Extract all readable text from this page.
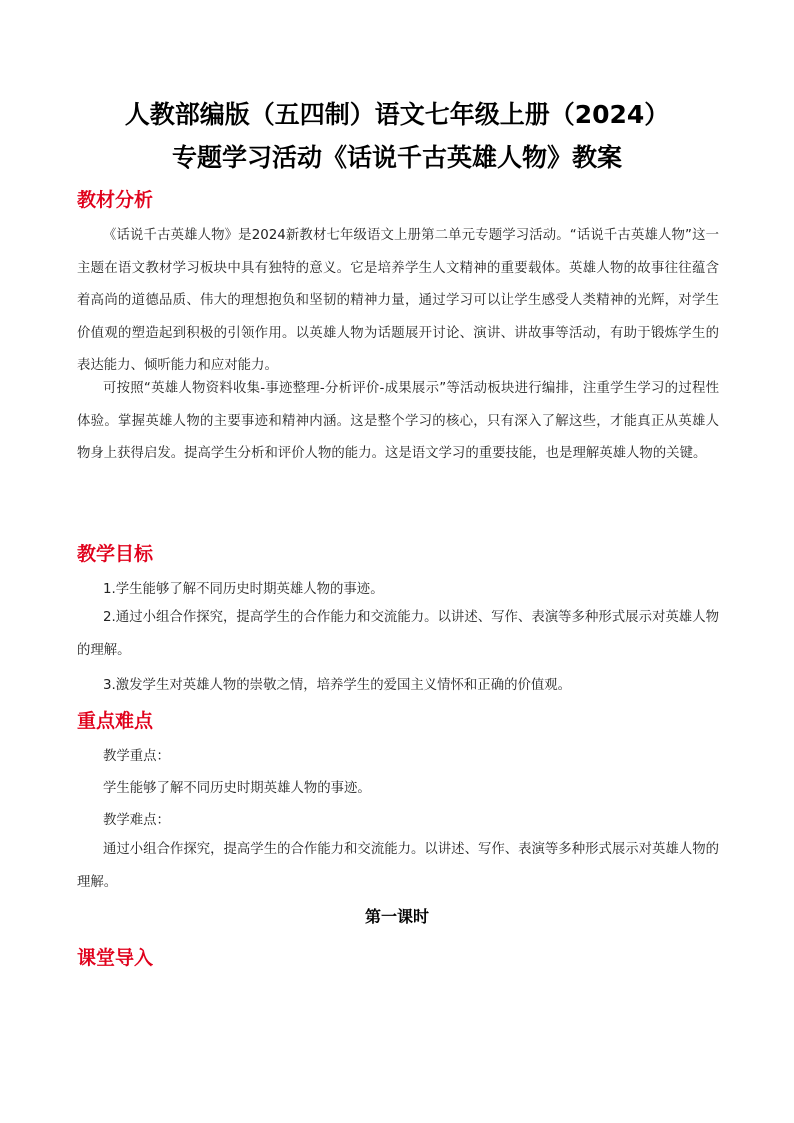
人教部编版（五四制）语文七年级上册（2024）
专题学习活动《话说千古英雄人物》教案
教材分析
《话说千古英雄人物》是2024新教材七年级语文上册第二单元专题学习活动。“话说千古英雄人物”这一主题在语文教材学习板块中具有独特的意义。它是培养学生人文精神的重要载体。英雄人物的故事往往蕴含着高尚的道德品质、伟大的理想抱负和坚韧的精神力量，通过学习可以让学生感受人类精神的光辉，对学生价值观的塑造起到积极的引领作用。以英雄人物为话题展开讨论、演讲、讲故事等活动，有助于锻炼学生的表达能力、倾听能力和应对能力。
可按照“英雄人物资料收集-事迹整理-分析评价-成果展示”等活动板块进行编排，注重学生学习的过程性体验。掌握英雄人物的主要事迹和精神内涵。这是整个学习的核心，只有深入了解这些，才能真正从英雄人物身上获得启发。提高学生分析和评价人物的能力。这是语文学习的重要技能，也是理解英雄人物的关键。
教学目标
1.学生能够了解不同历史时期英雄人物的事迹。
2.通过小组合作探究，提高学生的合作能力和交流能力。以讲述、写作、表演等多种形式展示对英雄人物的理解。
3.激发学生对英雄人物的崇敬之情，培养学生的爱国主义情怀和正确的价值观。
重点难点
教学重点：
学生能够了解不同历史时期英雄人物的事迹。
教学难点：
通过小组合作探究，提高学生的合作能力和交流能力。以讲述、写作、表演等多种形式展示对英雄人物的理解。
第一课时
课堂导入
